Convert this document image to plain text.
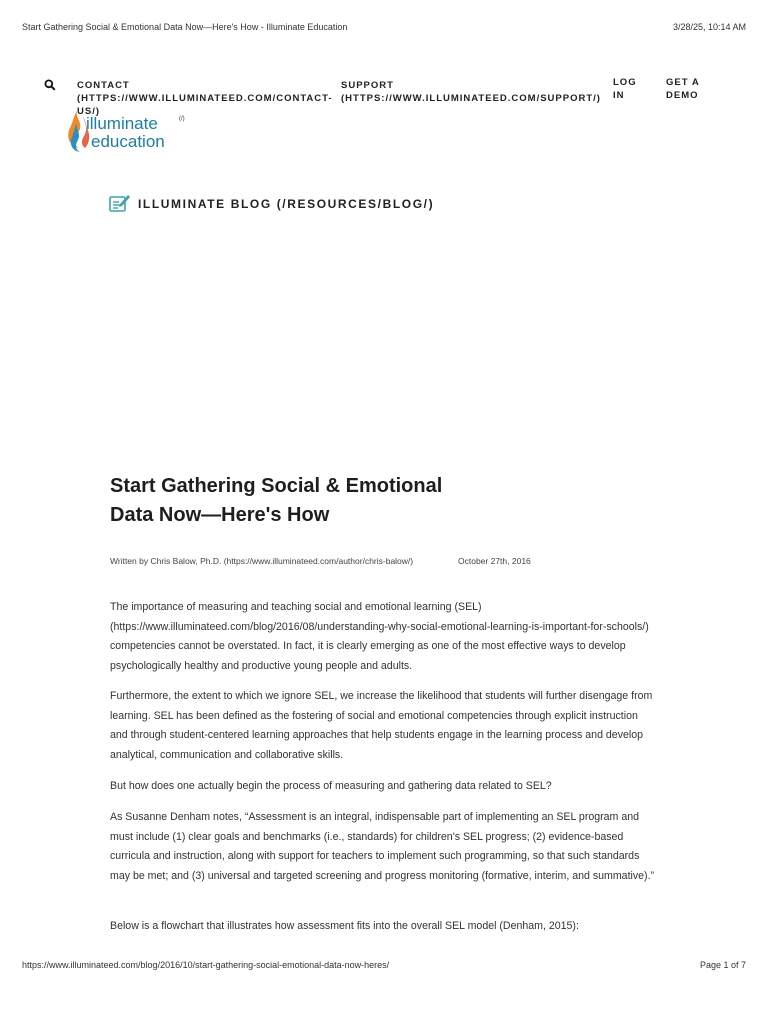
Start Gathering Social & Emotional Data Now—Here's How - Illuminate Education	3/28/25, 10:14 AM
CONTACT (HTTPS://WWW.ILLUMINATEED.COM/CONTACT-US/)
SUPPORT (HTTPS://WWW.ILLUMINATEED.COM/SUPPORT/)
LOG IN
GET A DEMO
illuminate	(/)
education
ILLUMINATE BLOG (/RESOURCES/BLOG/)
Start Gathering Social & Emotional Data Now—Here's How
Written by Chris Balow, Ph.D. (https://www.illuminateed.com/author/chris-balow/)	October 27th, 2016

The importance of measuring and teaching social and emotional learning (SEL) (https://www.illuminateed.com/blog/2016/08/understanding-why-social-emotional-learning-is-important-for-schools/) competencies cannot be overstated. In fact, it is clearly emerging as one of the most effective ways to develop psychologically healthy and productive young people and adults.

Furthermore, the extent to which we ignore SEL, we increase the likelihood that students will further disengage from learning. SEL has been defined as the fostering of social and emotional competencies through explicit instruction and through student-centered learning approaches that help students engage in the learning process and develop analytical, communication and collaborative skills.

But how does one actually begin the process of measuring and gathering data related to SEL?

As Susanne Denham notes, “Assessment is an integral, indispensable part of implementing an SEL program and must include (1) clear goals and benchmarks (i.e., standards) for children's SEL progress; (2) evidence-based curricula and instruction, along with support for teachers to implement such programming, so that such standards may be met; and (3) universal and targeted screening and progress monitoring (formative, interim, and summative).”

Below is a flowchart that illustrates how assessment fits into the overall SEL model (Denham, 2015):

https://www.illuminateed.com/blog/2016/10/start-gathering-social-emotional-data-now-heres/	Page 1 of 7
